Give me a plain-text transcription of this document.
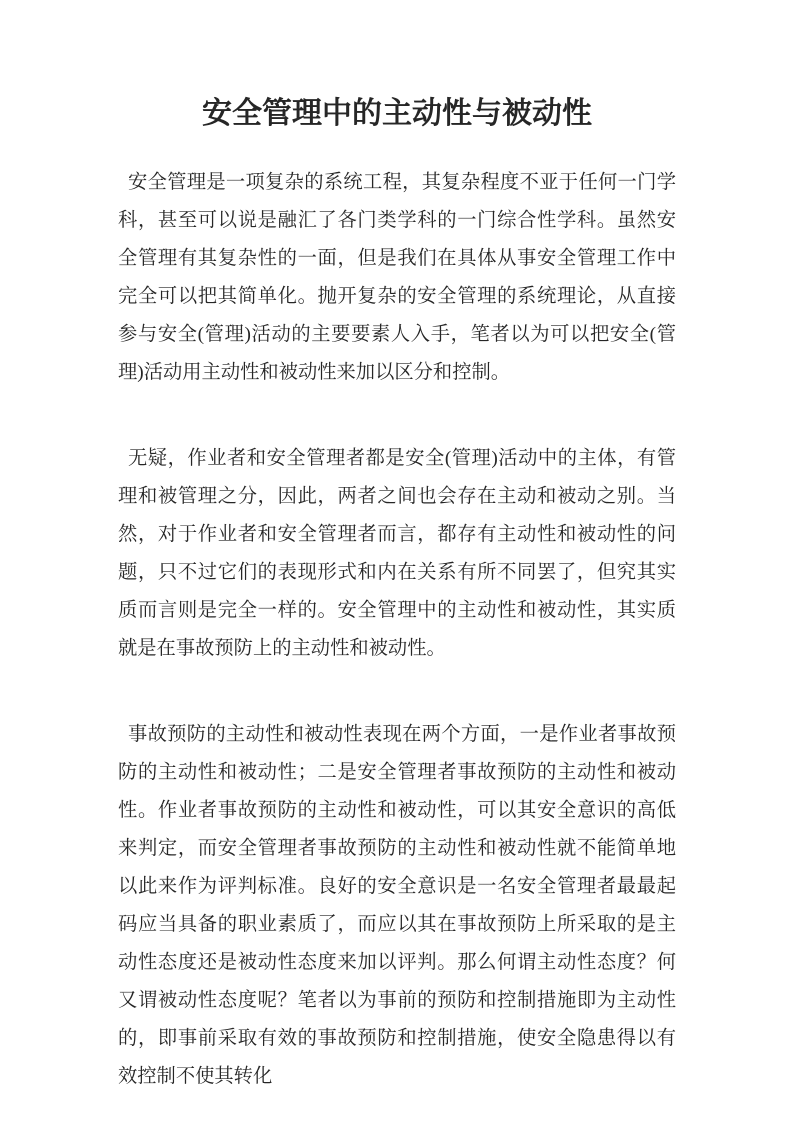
安全管理中的主动性与被动性

安全管理是一项复杂的系统工程，其复杂程度不亚于任何一门学科，甚至可以说是融汇了各门类学科的一门综合性学科。虽然安全管理有其复杂性的一面，但是我们在具体从事安全管理工作中完全可以把其简单化。抛开复杂的安全管理的系统理论，从直接参与安全(管理)活动的主要要素人入手，笔者以为可以把安全(管理)活动用主动性和被动性来加以区分和控制。

无疑，作业者和安全管理者都是安全(管理)活动中的主体，有管理和被管理之分，因此，两者之间也会存在主动和被动之别。当然，对于作业者和安全管理者而言，都存有主动性和被动性的问题，只不过它们的表现形式和内在关系有所不同罢了，但究其实质而言则是完全一样的。安全管理中的主动性和被动性，其实质就是在事故预防上的主动性和被动性。

事故预防的主动性和被动性表现在两个方面，一是作业者事故预防的主动性和被动性；二是安全管理者事故预防的主动性和被动性。作业者事故预防的主动性和被动性，可以其安全意识的高低来判定，而安全管理者事故预防的主动性和被动性就不能简单地以此来作为评判标准。良好的安全意识是一名安全管理者最最起码应当具备的职业素质了，而应以其在事故预防上所采取的是主动性态度还是被动性态度来加以评判。那么何谓主动性态度？何又谓被动性态度呢？笔者以为事前的预防和控制措施即为主动性的，即事前采取有效的事故预防和控制措施，使安全隐患得以有效控制不使其转化
